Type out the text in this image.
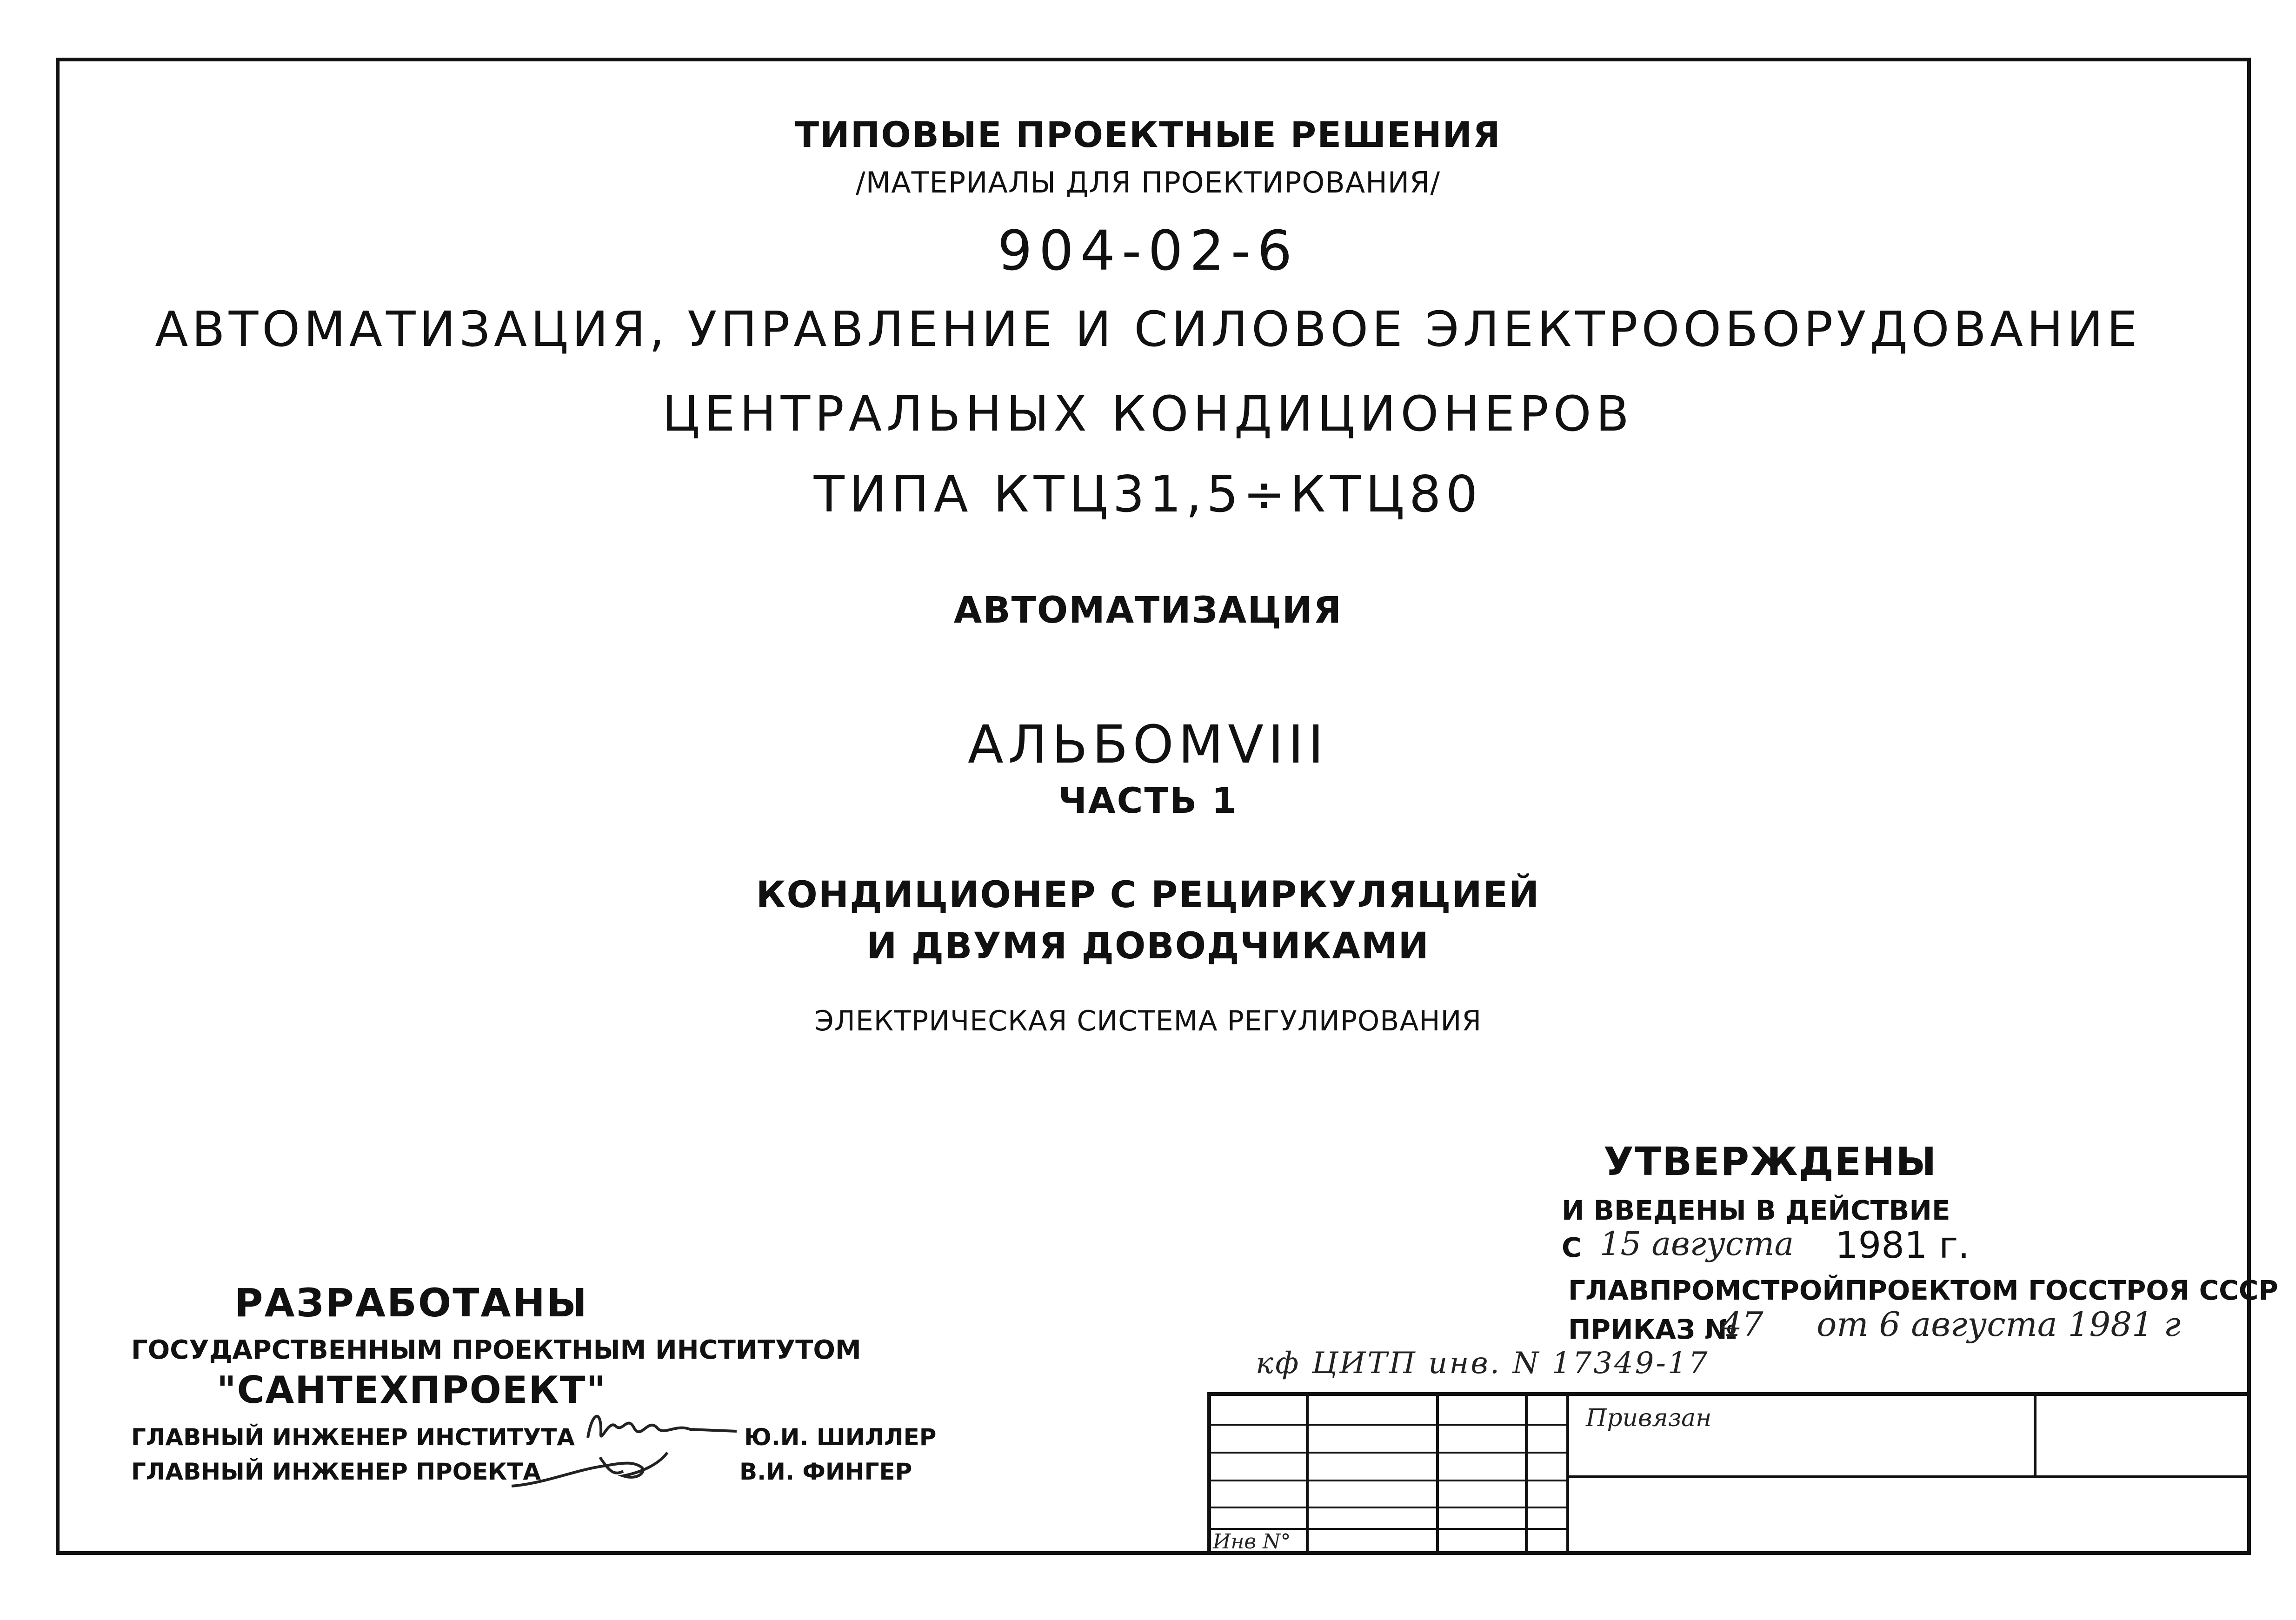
ТИПОВЫЕ ПРОЕКТНЫЕ РЕШЕНИЯ
/МАТЕРИАЛЫ ДЛЯ ПРОЕКТИРОВАНИЯ/
904-02-6
АВТОМАТИЗАЦИЯ, УПРАВЛЕНИЕ И СИЛОВОЕ ЭЛЕКТРООБОРУДОВАНИЕ
ЦЕНТРАЛЬНЫХ КОНДИЦИОНЕРОВ
ТИПА КТЦ31,5÷КТЦ80
АВТОМАТИЗАЦИЯ
АЛЬБОМVIII
ЧАСТЬ 1
КОНДИЦИОНЕР С РЕЦИРКУЛЯЦИЕЙ
И ДВУМЯ ДОВОДЧИКАМИ
ЭЛЕКТРИЧЕСКАЯ СИСТЕМА РЕГУЛИРОВАНИЯ
УТВЕРЖДЕНЫ
И ВВЕДЕНЫ В ДЕЙСТВИЕ
С 15 августа 1981 г.
ГЛАВПРОМСТРОЙПРОЕКТОМ ГОССТРОЯ СССР
ПРИКАЗ №
47 от 6 августа 1981 г
РАЗРАБОТАНЫ
ГОСУДАРСТВЕННЫМ ПРОЕКТНЫМ ИНСТИТУТОМ
"САНТЕХПРОЕКТ"
ГЛАВНЫЙ ИНЖЕНЕР ИНСТИТУТА	Ю.И. ШИЛЛЕР
ГЛАВНЫЙ ИНЖЕНЕР ПРОЕКТА	В.И. ФИНГЕР
кф ЦИТП инв. N 17349-17
Привязан
Инв N°
